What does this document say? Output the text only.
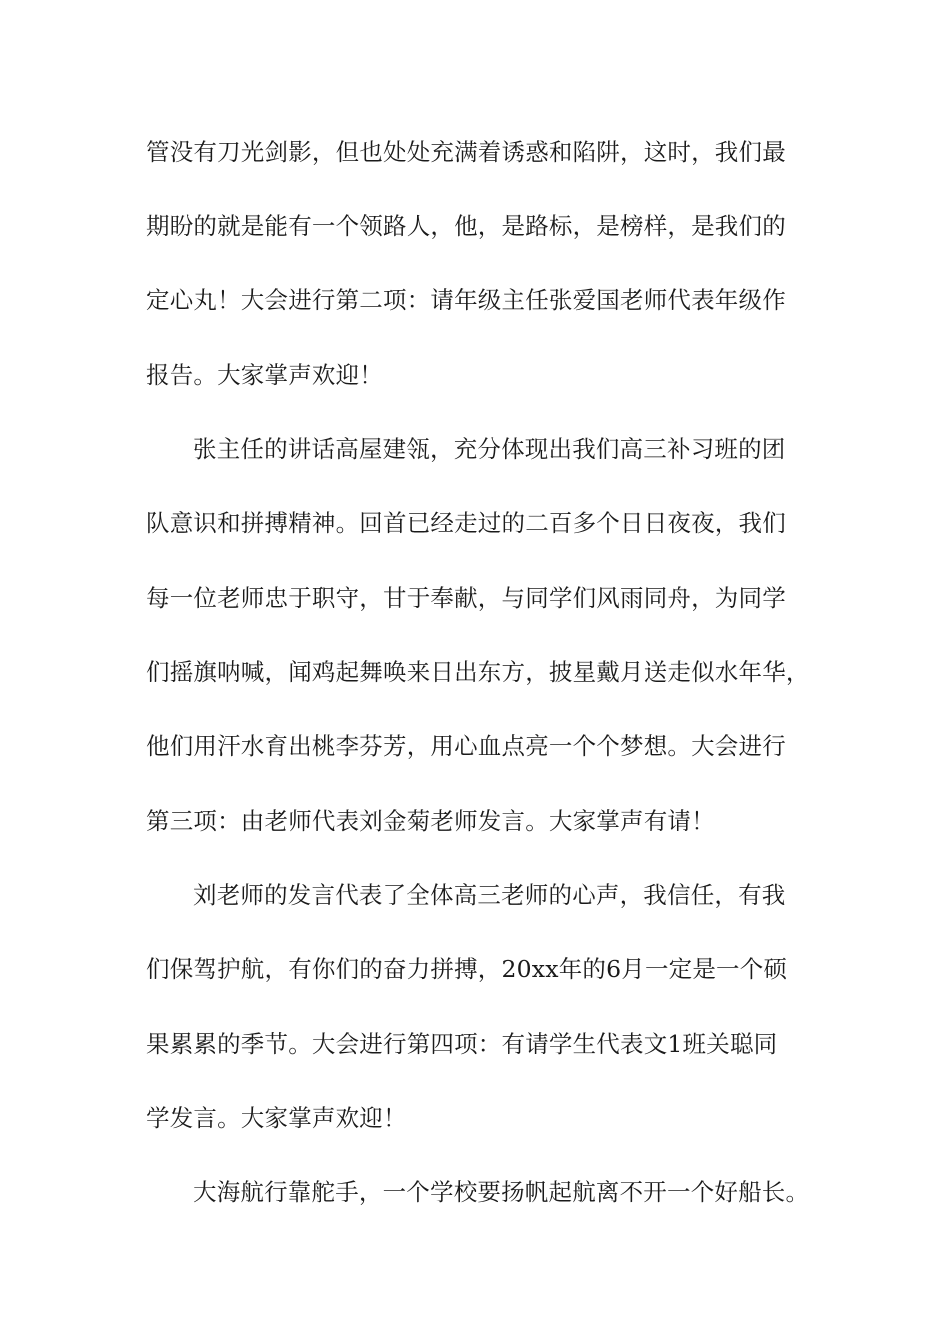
管没有刀光剑影，但也处处充满着诱惑和陷阱，这时，我们最
期盼的就是能有一个领路人，他，是路标，是榜样，是我们的
定心丸！大会进行第二项：请年级主任张爱国老师代表年级作
报告。大家掌声欢迎！
张主任的讲话高屋建瓴，充分体现出我们高三补习班的团
队意识和拼搏精神。回首已经走过的二百多个日日夜夜，我们
每一位老师忠于职守，甘于奉献，与同学们风雨同舟，为同学
们摇旗呐喊，闻鸡起舞唤来日出东方，披星戴月送走似水年华，
他们用汗水育出桃李芬芳，用心血点亮一个个梦想。大会进行
第三项：由老师代表刘金菊老师发言。大家掌声有请！
刘老师的发言代表了全体高三老师的心声，我信任，有我
们保驾护航，有你们的奋力拼搏，20xx年的6月一定是一个硕
果累累的季节。大会进行第四项：有请学生代表文1班关聪同
学发言。大家掌声欢迎！
大海航行靠舵手，一个学校要扬帆起航离不开一个好船长。
